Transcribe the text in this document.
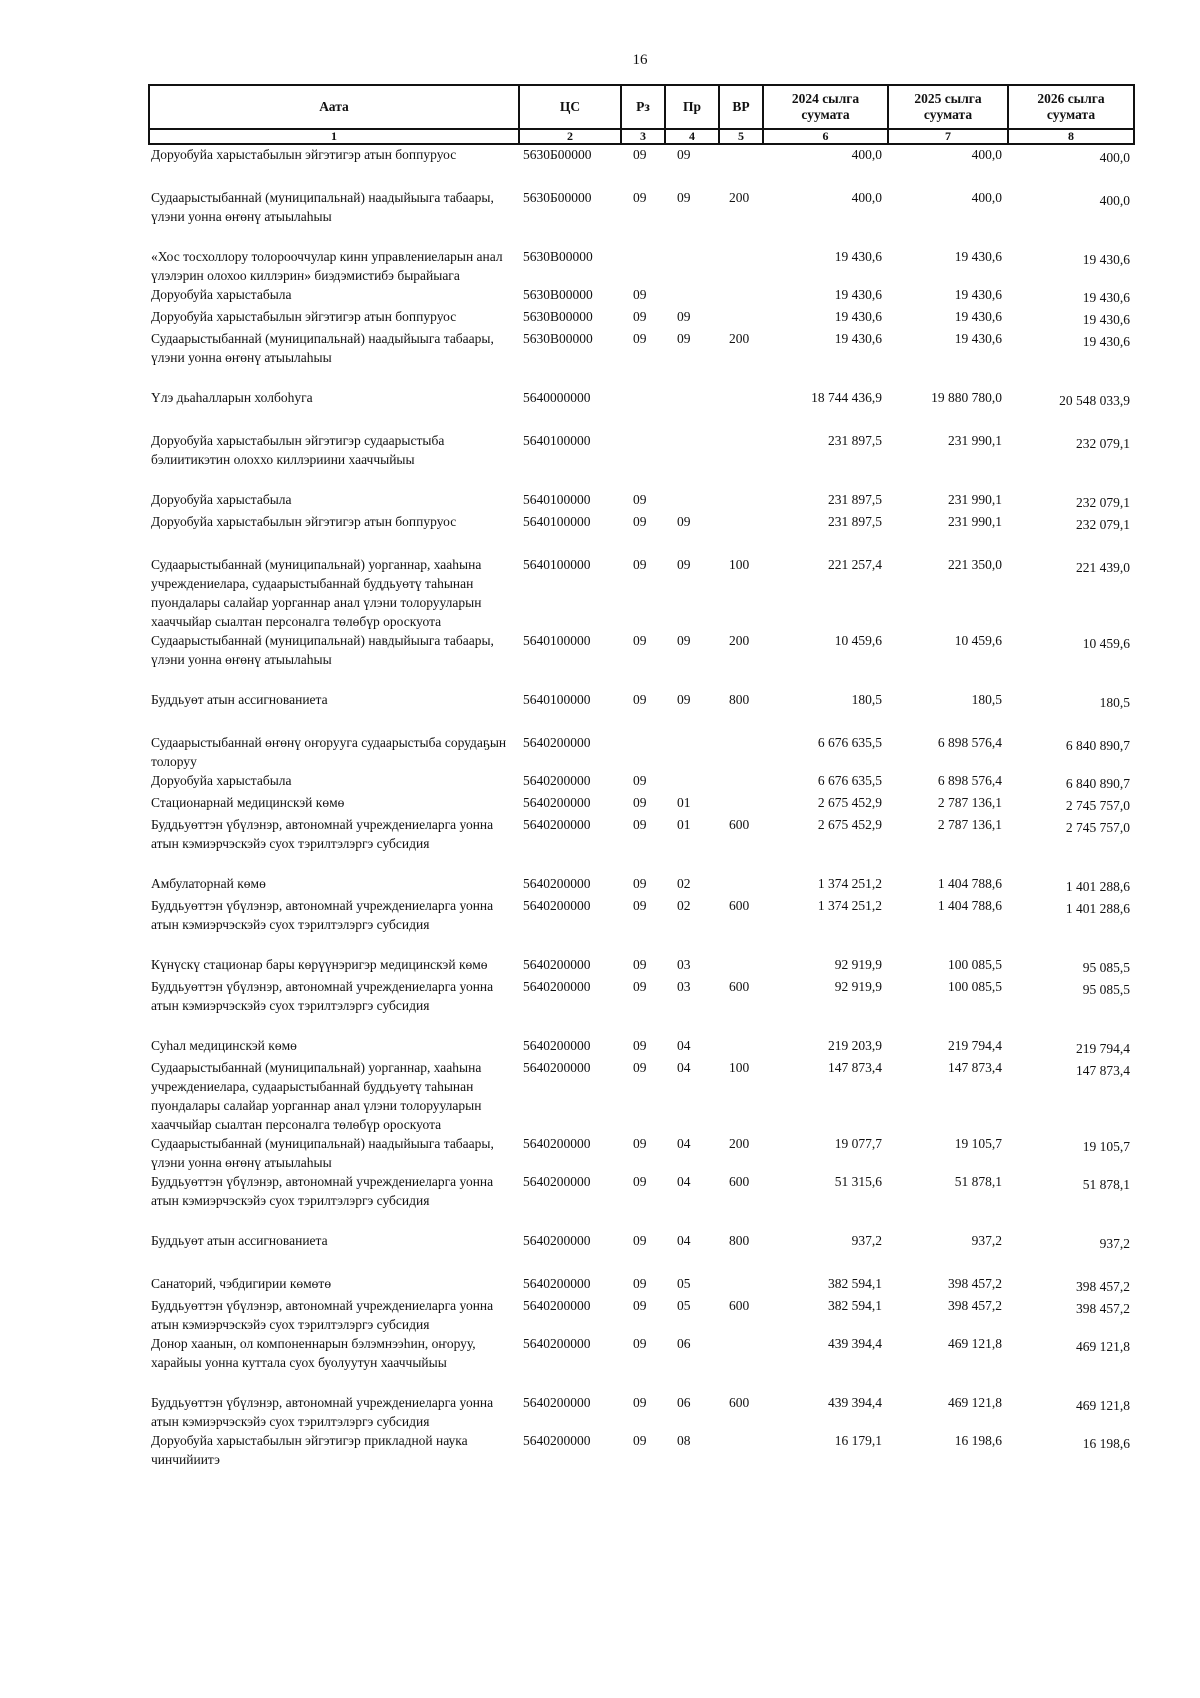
16
Аата	ЦС	Рз	Пр	ВР	2024 сылга суумата	2025 сылга суумата	2026 сылга суумата
1	2	3	4	5	6	7	8
Доруобуйа харыстабылын эйгэтигэр атын боппуруос	5630Б00000	09	09		400,0	400,0	400,0
Судаарыстыбаннай (муниципальнай) наадыйыыга табаары, үлэни уонна өҥөнү атыылаһыы	5630Б00000	09	09	200	400,0	400,0	400,0
«Хос тосхоллору толорооччулар кинн управлениеларын анал үлэлэрин олохоо киллэрин» биэдэмистибэ бырайыага	5630В00000				19 430,6	19 430,6	19 430,6
Доруобуйа харыстабыла	5630В00000	09			19 430,6	19 430,6	19 430,6
Доруобуйа харыстабылын эйгэтигэр атын боппуруос	5630В00000	09	09		19 430,6	19 430,6	19 430,6
Судаарыстыбаннай (муниципальнай) наадыйыыга табаары, үлэни уонна өҥөнү атыылаһыы	5630В00000	09	09	200	19 430,6	19 430,6	19 430,6
Үлэ дьаһалларын холбоһуга	5640000000				18 744 436,9	19 880 780,0	20 548 033,9
Доруобуйа харыстабылын эйгэтигэр судаарыстыба бэлиитикэтин олоххо киллэриини хааччыйыы	5640100000				231 897,5	231 990,1	232 079,1
Доруобуйа харыстабыла	5640100000	09			231 897,5	231 990,1	232 079,1
Доруобуйа харыстабылын эйгэтигэр атын боппуруос	5640100000	09	09		231 897,5	231 990,1	232 079,1
Судаарыстыбаннай (муниципальнай) уорганнар, хааһына учреждениелара, судаарыстыбаннай буддьуөтү таһынан пуондалары салайар уорганнар анал үлэни толорууларын хааччыйар сыалтан персоналга төлөбүр ороскуота	5640100000	09	09	100	221 257,4	221 350,0	221 439,0
Судаарыстыбаннай (муниципальнай) навдыйыыга табаары, үлэни уонна өҥөнү атыылаһыы	5640100000	09	09	200	10 459,6	10 459,6	10 459,6
Буддьуөт атын ассигнованиета	5640100000	09	09	800	180,5	180,5	180,5
Судаарыстыбаннай өҥөнү оҥорууга судаарыстыба сорудаҕын толоруу	5640200000				6 676 635,5	6 898 576,4	6 840 890,7
Доруобуйа харыстабыла	5640200000	09			6 676 635,5	6 898 576,4	6 840 890,7
Стационарнай медицинскэй көмө	5640200000	09	01		2 675 452,9	2 787 136,1	2 745 757,0
Буддьуөттэн үбүлэнэр, автономнай учреждениеларга уонна атын кэмиэрчэскэйэ суох тэрилтэлэргэ субсидия	5640200000	09	01	600	2 675 452,9	2 787 136,1	2 745 757,0
Амбулаторнай көмө	5640200000	09	02		1 374 251,2	1 404 788,6	1 401 288,6
Буддьуөттэн үбүлэнэр, автономнай учреждениеларга уонна атын кэмиэрчэскэйэ суох тэрилтэлэргэ субсидия	5640200000	09	02	600	1 374 251,2	1 404 788,6	1 401 288,6
Күнүскү стационар бары көрүүнэригэр медицинскэй көмө	5640200000	09	03		92 919,9	100 085,5	95 085,5
Буддьуөттэн үбүлэнэр, автономнай учреждениеларга уонна атын кэмиэрчэскэйэ суох тэрилтэлэргэ субсидия	5640200000	09	03	600	92 919,9	100 085,5	95 085,5
Суһал медицинскэй көмө	5640200000	09	04		219 203,9	219 794,4	219 794,4
Судаарыстыбаннай (муниципальнай) уорганнар, хааһына учреждениелара, судаарыстыбаннай буддьуөтү таһынан пуондалары салайар уорганнар анал үлэни толорууларын хааччыйар сыалтан персоналга төлөбүр ороскуота	5640200000	09	04	100	147 873,4	147 873,4	147 873,4
Судаарыстыбаннай (муниципальнай) наадыйыыга табаары, үлэни уонна өҥөнү атыылаһыы	5640200000	09	04	200	19 077,7	19 105,7	19 105,7
Буддьуөттэн үбүлэнэр, автономнай учреждениеларга уонна атын кэмиэрчэскэйэ суох тэрилтэлэргэ субсидия	5640200000	09	04	600	51 315,6	51 878,1	51 878,1
Буддьуөт атын ассигнованиета	5640200000	09	04	800	937,2	937,2	937,2
Санаторий, чэбдигирии көмөтө	5640200000	09	05		382 594,1	398 457,2	398 457,2
Буддьуөттэн үбүлэнэр, автономнай учреждениеларга уонна атын кэмиэрчэскэйэ суох тэрилтэлэргэ субсидия	5640200000	09	05	600	382 594,1	398 457,2	398 457,2
Донор хаанын, ол компоненнарын бэлэмнээһин, оҥоруу, харайыы уонна куттала суох буолуутун хааччыйыы	5640200000	09	06		439 394,4	469 121,8	469 121,8
Буддьуөттэн үбүлэнэр, автономнай учреждениеларга уонна атын кэмиэрчэскэйэ суох тэрилтэлэргэ субсидия	5640200000	09	06	600	439 394,4	469 121,8	469 121,8
Доруобуйа харыстабылын эйгэтигэр прикладной наука чинчийиитэ	5640200000	09	08		16 179,1	16 198,6	16 198,6
